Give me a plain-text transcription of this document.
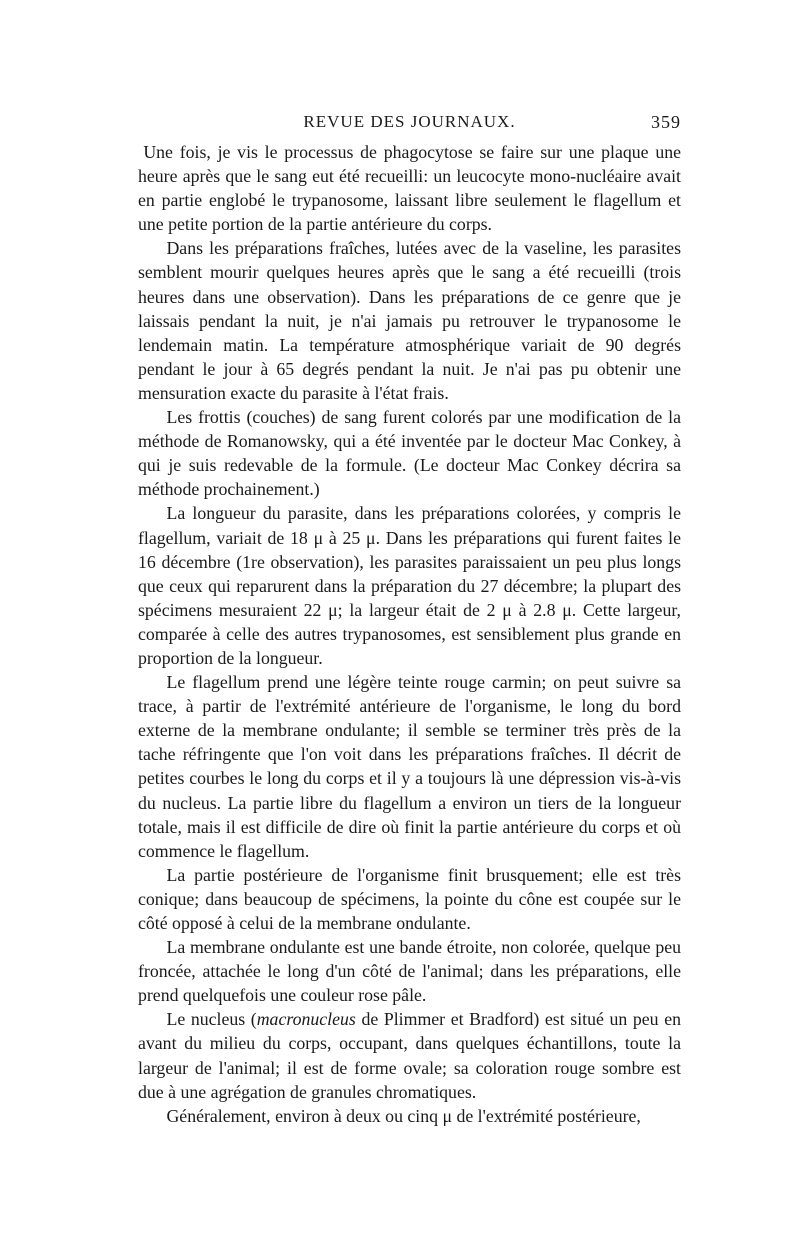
REVUE DES JOURNAUX.	359

Une fois, je vis le processus de phagocytose se faire sur une plaque une heure après que le sang eut été recueilli: un leucocyte mono-nucléaire avait en partie englobé le trypanosome, laissant libre seulement le flagellum et une petite portion de la partie antérieure du corps.

Dans les préparations fraîches, lutées avec de la vaseline, les parasites semblent mourir quelques heures après que le sang a été recueilli (trois heures dans une observation). Dans les préparations de ce genre que je laissais pendant la nuit, je n'ai jamais pu retrouver le trypanosome le lendemain matin. La température atmosphérique variait de 90 degrés pendant le jour à 65 degrés pendant la nuit. Je n'ai pas pu obtenir une mensuration exacte du parasite à l'état frais.

Les frottis (couches) de sang furent colorés par une modification de la méthode de Romanowsky, qui a été inventée par le docteur Mac Conkey, à qui je suis redevable de la formule. (Le docteur Mac Conkey décrira sa méthode prochainement.)

La longueur du parasite, dans les préparations colorées, y compris le flagellum, variait de 18 μ à 25 μ. Dans les préparations qui furent faites le 16 décembre (1re observation), les parasites paraissaient un peu plus longs que ceux qui reparurent dans la préparation du 27 décembre; la plupart des spécimens mesuraient 22 μ; la largeur était de 2 μ à 2.8 μ. Cette largeur, comparée à celle des autres trypanosomes, est sensiblement plus grande en proportion de la longueur.

Le flagellum prend une légère teinte rouge carmin; on peut suivre sa trace, à partir de l'extrémité antérieure de l'organisme, le long du bord externe de la membrane ondulante; il semble se terminer très près de la tache réfringente que l'on voit dans les préparations fraîches. Il décrit de petites courbes le long du corps et il y a toujours là une dépression vis-à-vis du nucleus. La partie libre du flagellum a environ un tiers de la longueur totale, mais il est difficile de dire où finit la partie antérieure du corps et où commence le flagellum.

La partie postérieure de l'organisme finit brusquement; elle est très conique; dans beaucoup de spécimens, la pointe du cône est coupée sur le côté opposé à celui de la membrane ondulante.

La membrane ondulante est une bande étroite, non colorée, quelque peu froncée, attachée le long d'un côté de l'animal; dans les préparations, elle prend quelquefois une couleur rose pâle.

Le nucleus (macronucleus de Plimmer et Bradford) est situé un peu en avant du milieu du corps, occupant, dans quelques échantillons, toute la largeur de l'animal; il est de forme ovale; sa coloration rouge sombre est due à une agrégation de granules chromatiques.

Généralement, environ à deux ou cinq μ de l'extrémité postérieure,
